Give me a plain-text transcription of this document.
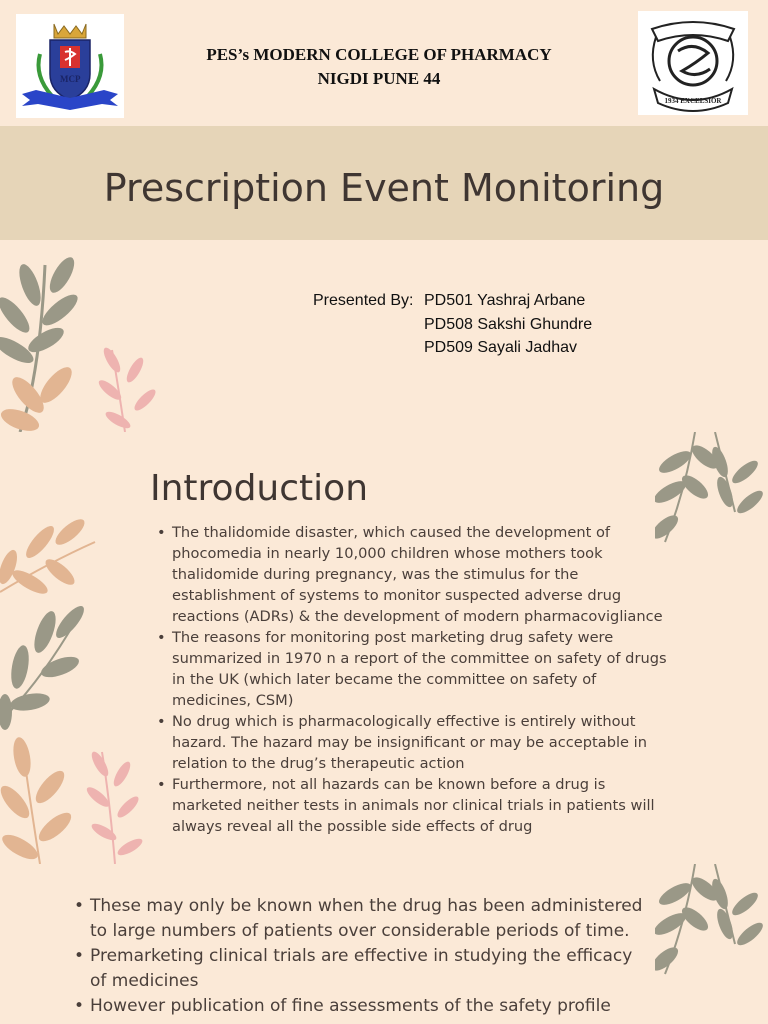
MCP
PES’s MODERN COLLEGE OF PHARMACY
NIGDI PUNE 44
1934 EXCELSIOR
Prescription Event Monitoring
Presented By: PD501 Yashraj Arbane
PD508 Sakshi Ghundre
PD509 Sayali Jadhav
Introduction
• The thalidomide disaster, which caused the development of phocomedia in nearly 10,000 children whose mothers took thalidomide during pregnancy, was the stimulus for the establishment of systems to monitor suspected adverse drug reactions (ADRs) & the development of modern pharmacovigliance
• The reasons for monitoring post marketing drug safety were summarized in 1970 n a report of the committee on safety of drugs in the UK (which later became the committee on safety of medicines, CSM)
• No drug which is pharmacologically effective is entirely without hazard. The hazard may be insignificant or may be acceptable in relation to the drug’s therapeutic action
• Furthermore, not all hazards can be known before a drug is marketed neither tests in animals nor clinical trials in patients will always reveal all the possible side effects of drug
• These may only be known when the drug has been administered to large numbers of patients over considerable periods of time.
• Premarketing clinical trials are effective in studying the efficacy of medicines
• However publication of fine assessments of the safety profile
